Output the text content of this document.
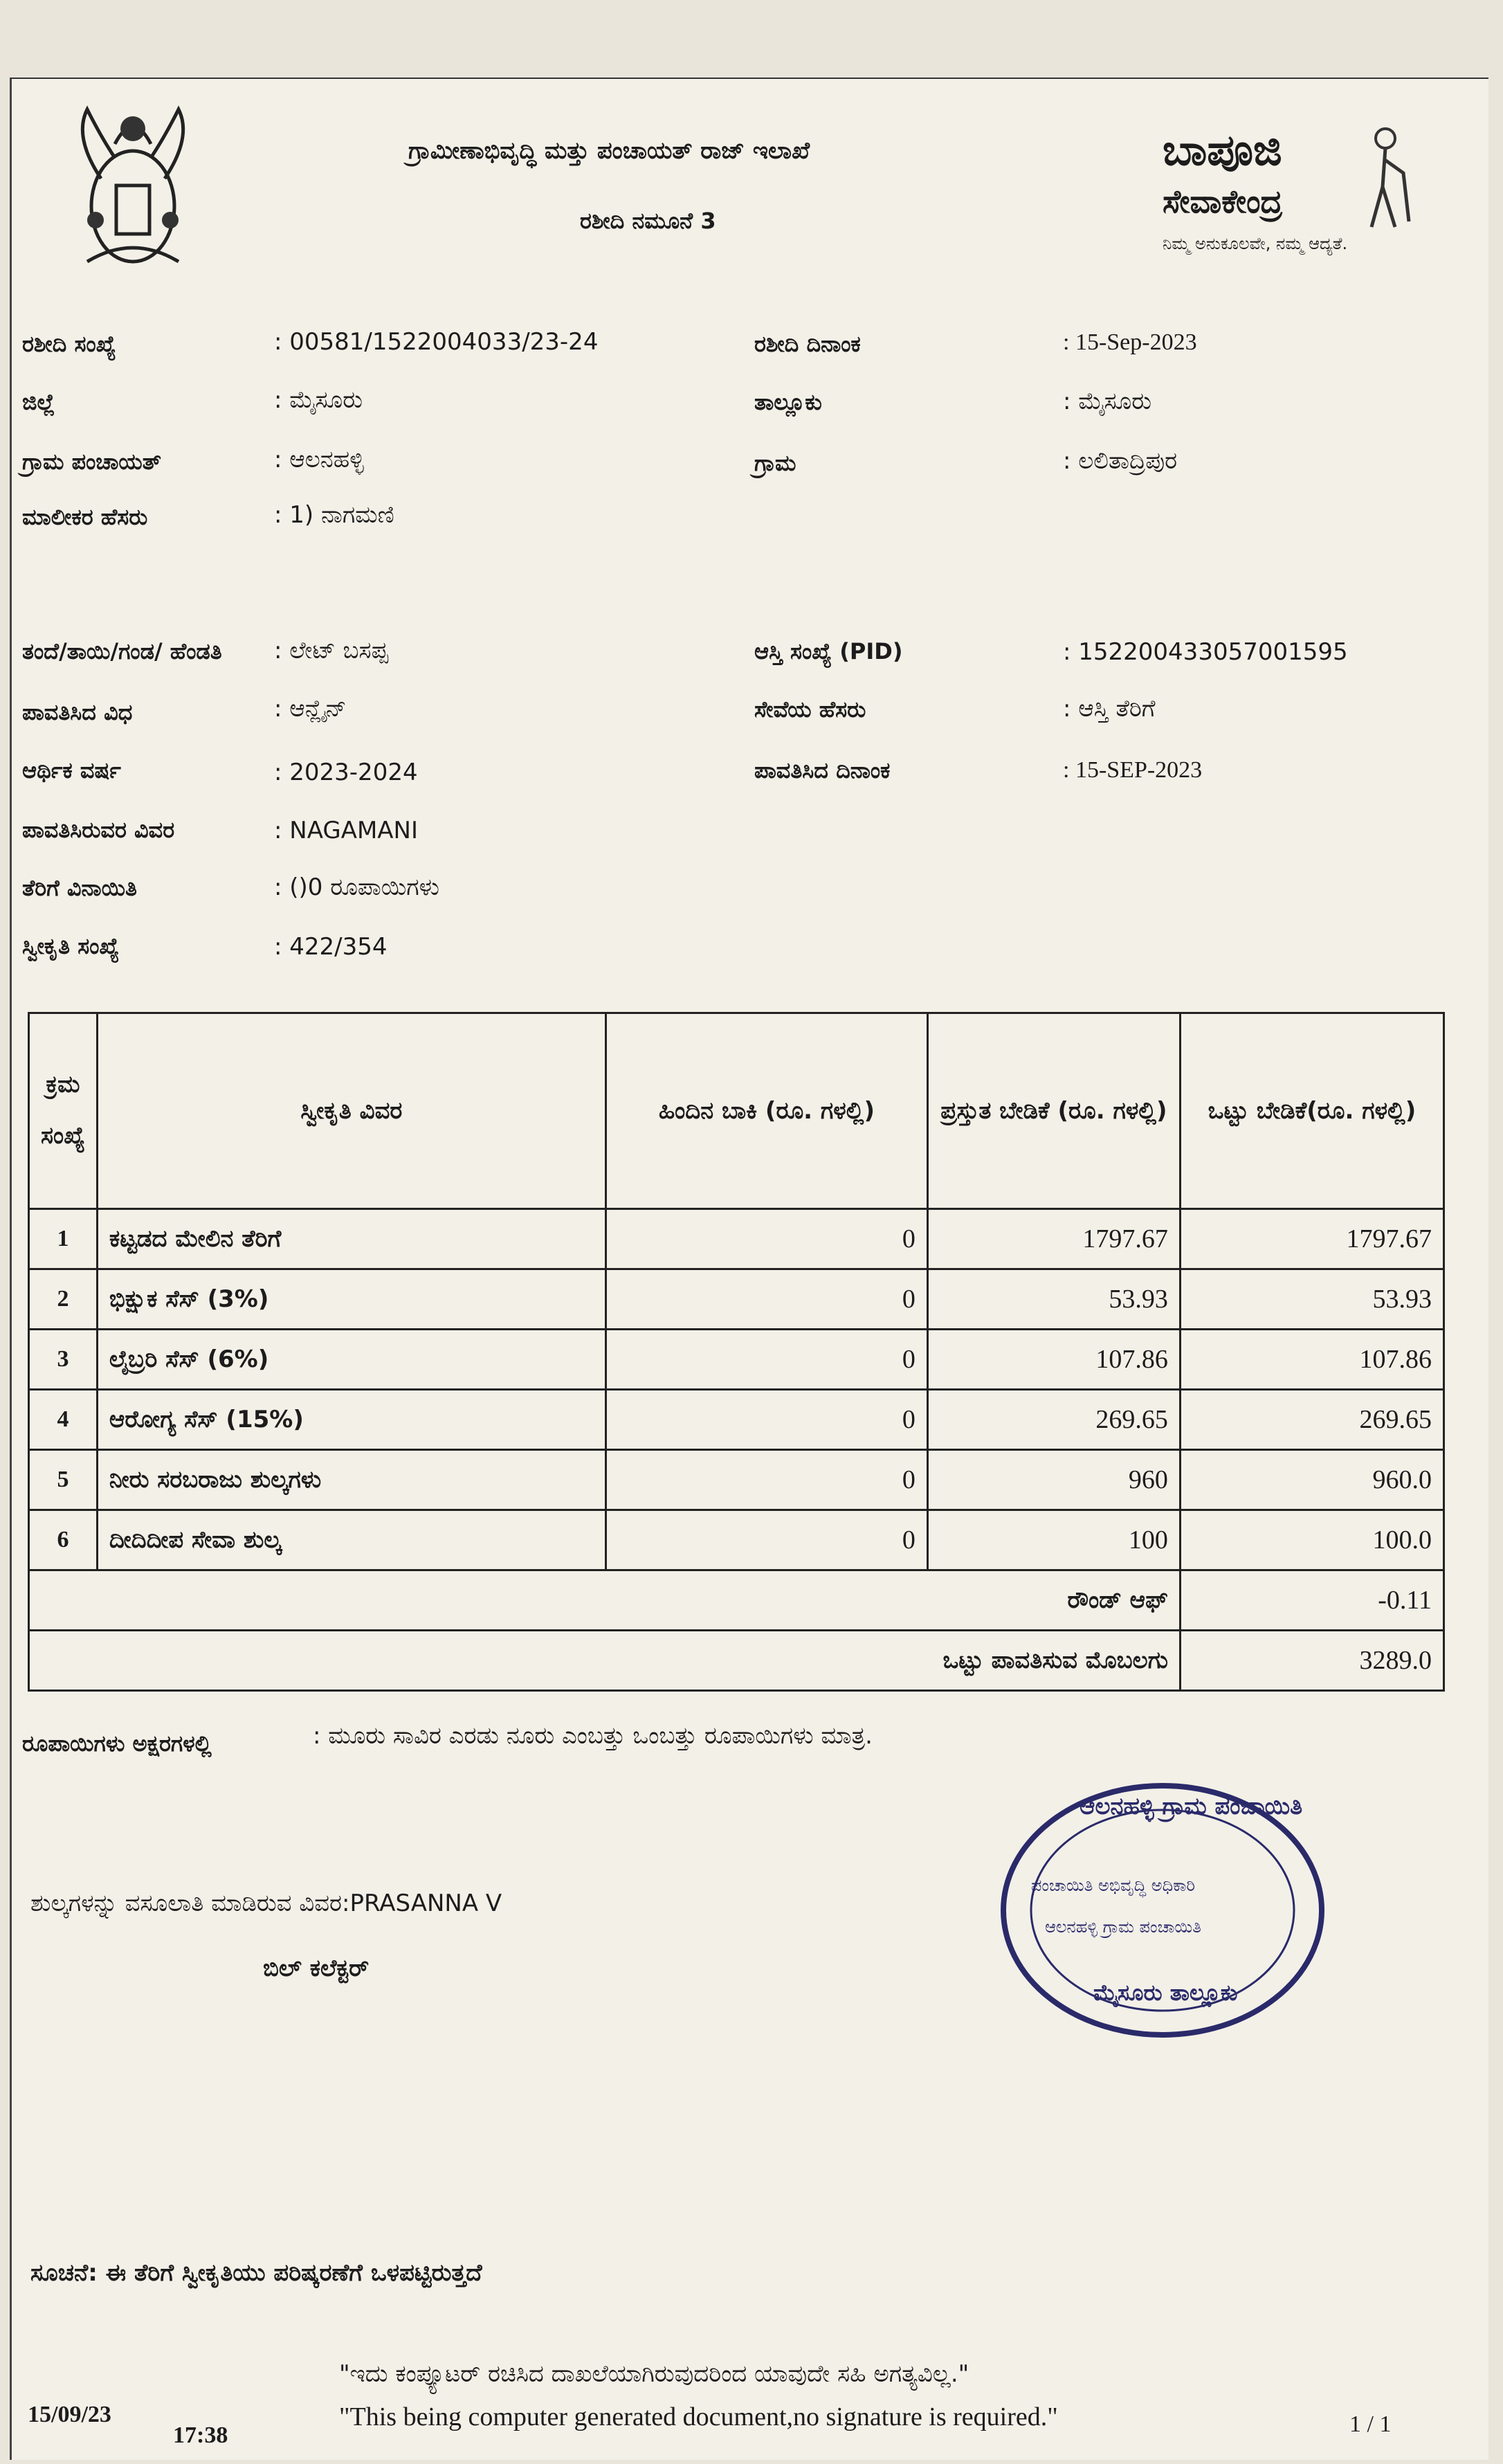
ಗ್ರಾಮೀಣಾಭಿವೃದ್ಧಿ ಮತ್ತು ಪಂಚಾಯತ್ ರಾಜ್ ಇಲಾಖೆ
ರಶೀದಿ ನಮೂನೆ 3
ಬಾಪೂಜಿ
ಸೇವಾಕೇಂದ್ರ
ನಿಮ್ಮ ಅನುಕೂಲವೇ, ನಮ್ಮ ಆದ್ಯತೆ.
ರಶೀದಿ ಸಂಖ್ಯೆ	: 00581/1522004033/23-24	ರಶೀದಿ ದಿನಾಂಕ	: 15-Sep-2023
ಜಿಲ್ಲೆ	: ಮೈಸೂರು	ತಾಲ್ಲೂಕು	: ಮೈಸೂರು
ಗ್ರಾಮ ಪಂಚಾಯತ್	: ಆಲನಹಳ್ಳಿ	ಗ್ರಾಮ	: ಲಲಿತಾದ್ರಿಪುರ
ಮಾಲೀಕರ ಹೆಸರು	: 1) ನಾಗಮಣಿ
ತಂದೆ/ತಾಯಿ/ಗಂಡ/ ಹೆಂಡತಿ : ಲೇಟ್ ಬಸಪ್ಪ	ಆಸ್ತಿ ಸಂಖ್ಯೆ (PID)	: 152200433057001595
ಪಾವತಿಸಿದ ವಿಧ	: ಆನ್ಲೈನ್	ಸೇವೆಯ ಹೆಸರು	: ಆಸ್ತಿ ತೆರಿಗೆ
ಆರ್ಥಿಕ ವರ್ಷ	: 2023-2024	ಪಾವತಿಸಿದ ದಿನಾಂಕ	: 15-SEP-2023
ಪಾವತಿಸಿರುವರ ವಿವರ	: NAGAMANI
ತೆರಿಗೆ ವಿನಾಯಿತಿ	: ()0 ರೂಪಾಯಿಗಳು
ಸ್ವೀಕೃತಿ ಸಂಖ್ಯೆ	: 422/354
ಕ್ರಮ ಸಂಖ್ಯೆ	ಸ್ವೀಕೃತಿ ವಿವರ	ಹಿಂದಿನ ಬಾಕಿ (ರೂ. ಗಳಲ್ಲಿ)	ಪ್ರಸ್ತುತ ಬೇಡಿಕೆ (ರೂ. ಗಳಲ್ಲಿ)	ಒಟ್ಟು ಬೇಡಿಕೆ(ರೂ. ಗಳಲ್ಲಿ)
1	ಕಟ್ಟಡದ ಮೇಲಿನ ತೆರಿಗೆ	0	1797.67	1797.67
2	ಭಿಕ್ಷುಕ ಸೆಸ್ (3%)	0	53.93	53.93
3	ಲೈಬ್ರರಿ ಸೆಸ್ (6%)	0	107.86	107.86
4	ಆರೋಗ್ಯ ಸೆಸ್ (15%)	0	269.65	269.65
5	ನೀರು ಸರಬರಾಜು ಶುಲ್ಕಗಳು	0	960	960.0
6	ದೀದಿದೀಪ ಸೇವಾ ಶುಲ್ಕ	0	100	100.0
ರೌಂಡ್ ಆಫ್				-0.11
ಒಟ್ಟು ಪಾವತಿಸುವ ಮೊಬಲಗು				3289.0
ರೂಪಾಯಿಗಳು ಅಕ್ಷರಗಳಲ್ಲಿ	: ಮೂರು ಸಾವಿರ ಎರಡು ನೂರು ಎಂಬತ್ತು ಒಂಬತ್ತು ರೂಪಾಯಿಗಳು ಮಾತ್ರ.
ಶುಲ್ಕಗಳನ್ನು ವಸೂಲಾತಿ ಮಾಡಿರುವ ವಿವರ:PRASANNA V
ಬಿಲ್ ಕಲೆಕ್ಟರ್
ಆಲನಹಳ್ಳಿ ಗ್ರಾಮ ಪಂಚಾಯಿತಿ
ಪಂಚಾಯಿತಿ ಅಭಿವೃದ್ಧಿ ಅಧಿಕಾರಿ
ಆಲನಹಳ್ಳಿ ಗ್ರಾಮ ಪಂಚಾಯಿತಿ
ಮೈಸೂರು ತಾಲ್ಲೂಕು
ಸೂಚನೆ: ಈ ತೆರಿಗೆ ಸ್ವೀಕೃತಿಯು ಪರಿಷ್ಕರಣೆಗೆ ಒಳಪಟ್ಟಿರುತ್ತದೆ
"ಇದು ಕಂಪ್ಯೂಟರ್ ರಚಿಸಿದ ದಾಖಲೆಯಾಗಿರುವುದರಿಂದ ಯಾವುದೇ ಸಹಿ ಅಗತ್ಯವಿಲ್ಲ."
"This being computer generated document,no signature is required."
15/09/23
17:38	1 / 1
